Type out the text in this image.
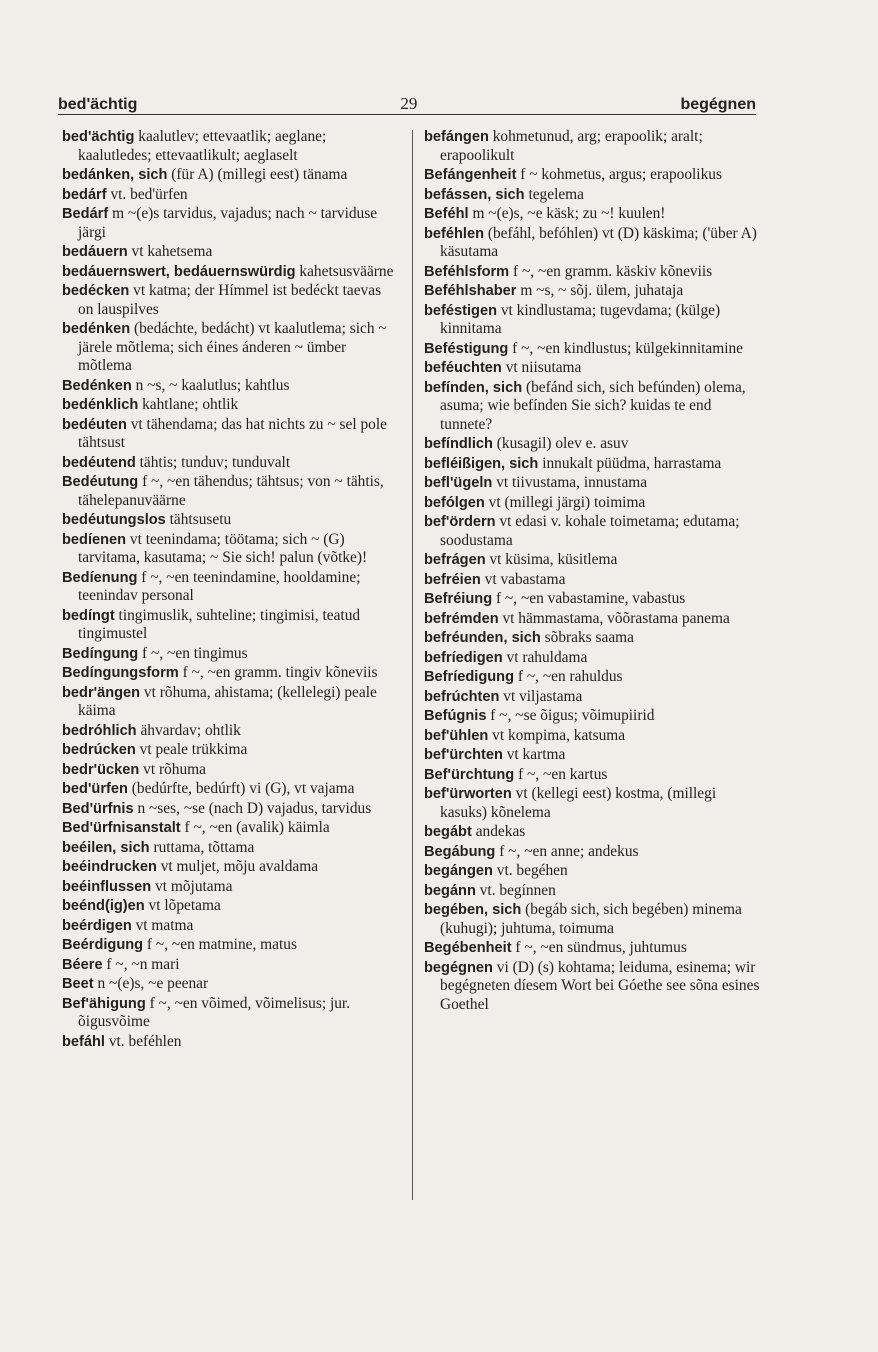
bed'ächtig	29	begégnen
bed'ächtig kaalutlev; ettevaatlik; aeglane; kaalutledes; ettevaatlikult; aeglaselt
bedánken, sich (für A) (millegi eest) tänama
bedárf vt. bed'ürfen
Bedárf m ~(e)s tarvidus, vajadus; nach ~ tarviduse järgi
bedáuern vt kahetsema
bedáuernswert, bedáuernswürdig kahetsusväärne
bedécken vt katma; der Hímmel ist bedéckt taevas on lauspilves
bedénken (bedáchte, bedácht) vt kaalutlema; sich ~ järele mõtlema; sich éines ánderen ~ ümber mõtlema
Bedénken n ~s, ~ kaalutlus; kahtlus
bedénklich kahtlane; ohtlik
bedéuten vt tähendama; das hat nichts zu ~ sel pole tähtsust
bedéutend tähtis; tunduv; tunduvalt
Bedéutung f ~, ~en tähendus; tähtsus; von ~ tähtis, tähelepanuväärne
bedéutungslos tähtsusetu
bedíenen vt teenindama; töötama; sich ~ (G) tarvitama, kasutama; ~ Sie sich! palun (võtke)!
Bedíenung f ~, ~en teenindamine, hooldamine; teenindav personal
bedíngt tingimuslik, suhteline; tingimisi, teatud tingimustel
Bedíngung f ~, ~en tingimus
Bedíngungsform f ~, ~en gramm. tingiv kõneviis
bedr'ängen vt rõhuma, ahistama; (kellelegi) peale käima
bedróhlich ähvardav; ohtlik
bedrúcken vt peale trükkima
bedr'ücken vt rõhuma
bed'ürfen (bedúrfte, bedúrft) vi (G), vt vajama
Bed'ürfnis n ~ses, ~se (nach D) vajadus, tarvidus
Bed'ürfnisanstalt f ~, ~en (avalik) käimla
beéilen, sich ruttama, tõttama
beéindrucken vt muljet, mõju avaldama
beéinflussen vt mõjutama
beénd(ig)en vt lõpetama
beérdigen vt matma
Beérdigung f ~, ~en matmine, matus
Béere f ~, ~n mari
Beet n ~(e)s, ~e peenar
Bef'ähigung f ~, ~en võimed, võimelisus; jur. õigusvõime
befáhl vt. beféhlen
befángen kohmetunud, arg; erapoolik; aralt; erapoolikult
Befángenheit f ~ kohmetus, argus; erapoolikus
befássen, sich tegelema
Beféhl m ~(e)s, ~e käsk; zu ~! kuulen!
beféhlen (befáhl, befóhlen) vt (D) käskima; ('über A) käsutama
Beféhlsform f ~, ~en gramm. käskiv kõneviis
Beféhlshaber m ~s, ~ sõj. ülem, juhataja
beféstigen vt kindlustama; tugevdama; (külge) kinnitama
Beféstigung f ~, ~en kindlustus; külgekinnitamine
beféuchten vt niisutama
befínden, sich (befánd sich, sich befúnden) olema, asuma; wie befínden Sie sich? kuidas te end tunnete?
befíndlich (kusagil) olev e. asuv
befléißigen, sich innukalt püüdma, harrastama
befl'ügeln vt tiivustama, innustama
befólgen vt (millegi järgi) toimima
bef'ördern vt edasi v. kohale toimetama; edutama; soodustama
befrágen vt küsima, küsitlema
befréien vt vabastama
Befréiung f ~, ~en vabastamine, vabastus
befrémden vt hämmastama, võõrastama panema
befréunden, sich sõbraks saama
befríedigen vt rahuldama
Befríedigung f ~, ~en rahuldus
befrúchten vt viljastama
Befúgnis f ~, ~se õigus; võimupiirid
bef'ühlen vt kompima, katsuma
bef'ürchten vt kartma
Bef'ürchtung f ~, ~en kartus
bef'ürworten vt (kellegi eest) kostma, (millegi kasuks) kõnelema
begábt andekas
Begábung f ~, ~en anne; andekus
begángen vt. begéhen
begánn vt. begínnen
begében, sich (begáb sich, sich begében) minema (kuhugi); juhtuma, toimuma
Begébenheit f ~, ~en sündmus, juhtumus
begégnen vi (D) (s) kohtama; leiduma, esinema; wir begégneten díesem Wort bei Góethe see sõna esines Goethel
